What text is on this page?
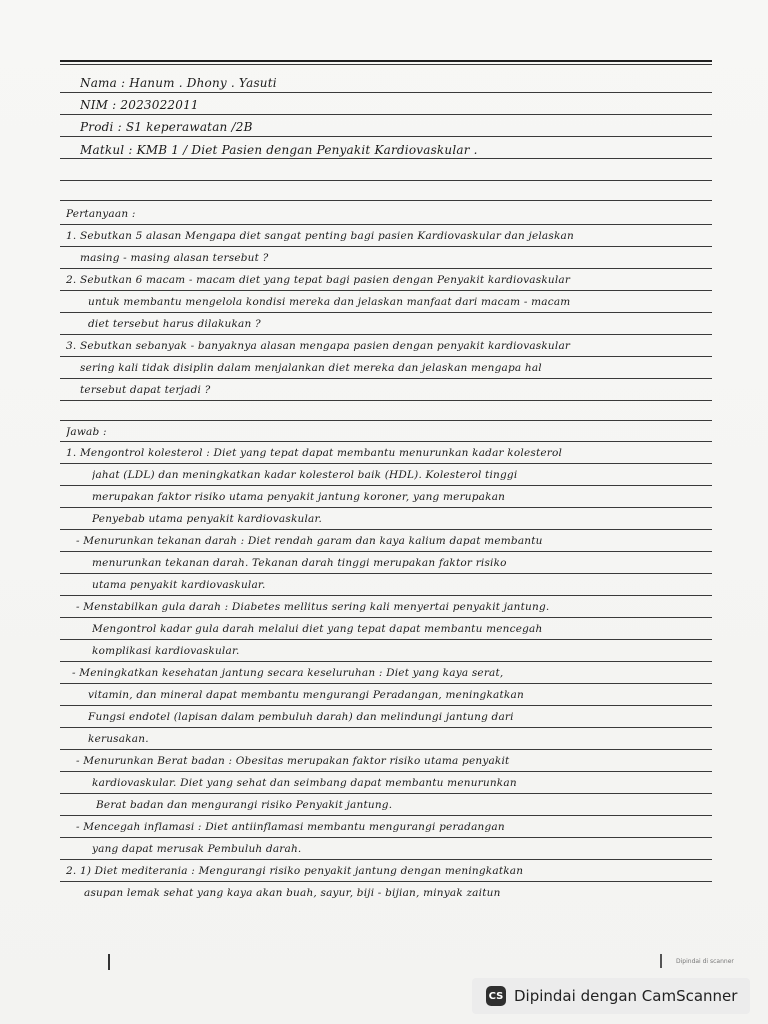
Nama : Hanum . Dhony . Yasuti
NIM : 2023022011
Prodi : S1 keperawatan /2B
Matkul : KMB 1 / Diet Pasien dengan Penyakit Kardiovaskular .
Pertanyaan :
1. Sebutkan 5 alasan Mengapa diet sangat penting bagi pasien Kardiovaskular dan jelaskan
masing - masing alasan tersebut ?
2. Sebutkan 6 macam - macam diet yang tepat bagi pasien dengan Penyakit kardiovaskular
untuk membantu mengelola kondisi mereka dan jelaskan manfaat dari macam - macam
diet tersebut harus dilakukan ?
3. Sebutkan sebanyak - banyaknya alasan mengapa pasien dengan penyakit kardiovaskular
sering kali tidak disiplin dalam menjalankan diet mereka dan jelaskan mengapa hal
tersebut dapat terjadi ?
Jawab :
1. Mengontrol kolesterol : Diet yang tepat dapat membantu menurunkan kadar kolesterol
jahat (LDL) dan meningkatkan kadar kolesterol baik (HDL). Kolesterol tinggi
merupakan faktor risiko utama penyakit jantung koroner, yang merupakan
Penyebab utama penyakit kardiovaskular.
- Menurunkan tekanan darah : Diet rendah garam dan kaya kalium dapat membantu
menurunkan tekanan darah. Tekanan darah tinggi merupakan faktor risiko
utama penyakit kardiovaskular.
- Menstabilkan gula darah : Diabetes mellitus sering kali menyertai penyakit jantung.
Mengontrol kadar gula darah melalui diet yang tepat dapat membantu mencegah
komplikasi kardiovaskular.
- Meningkatkan kesehatan jantung secara keseluruhan : Diet yang kaya serat,
vitamin, dan mineral dapat membantu mengurangi Peradangan, meningkatkan
Fungsi endotel (lapisan dalam pembuluh darah) dan melindungi jantung dari
kerusakan.
- Menurunkan Berat badan : Obesitas merupakan faktor risiko utama penyakit
kardiovaskular. Diet yang sehat dan seimbang dapat membantu menurunkan
Berat badan dan mengurangi risiko Penyakit jantung.
- Mencegah inflamasi : Diet antiinflamasi membantu mengurangi peradangan
yang dapat merusak Pembuluh darah.
2. 1) Diet mediterania : Mengurangi risiko penyakit jantung dengan meningkatkan
asupan lemak sehat yang kaya akan buah, sayur, biji - bijian, minyak zaitun
Dipindai di scanner
CS Dipindai dengan CamScanner
